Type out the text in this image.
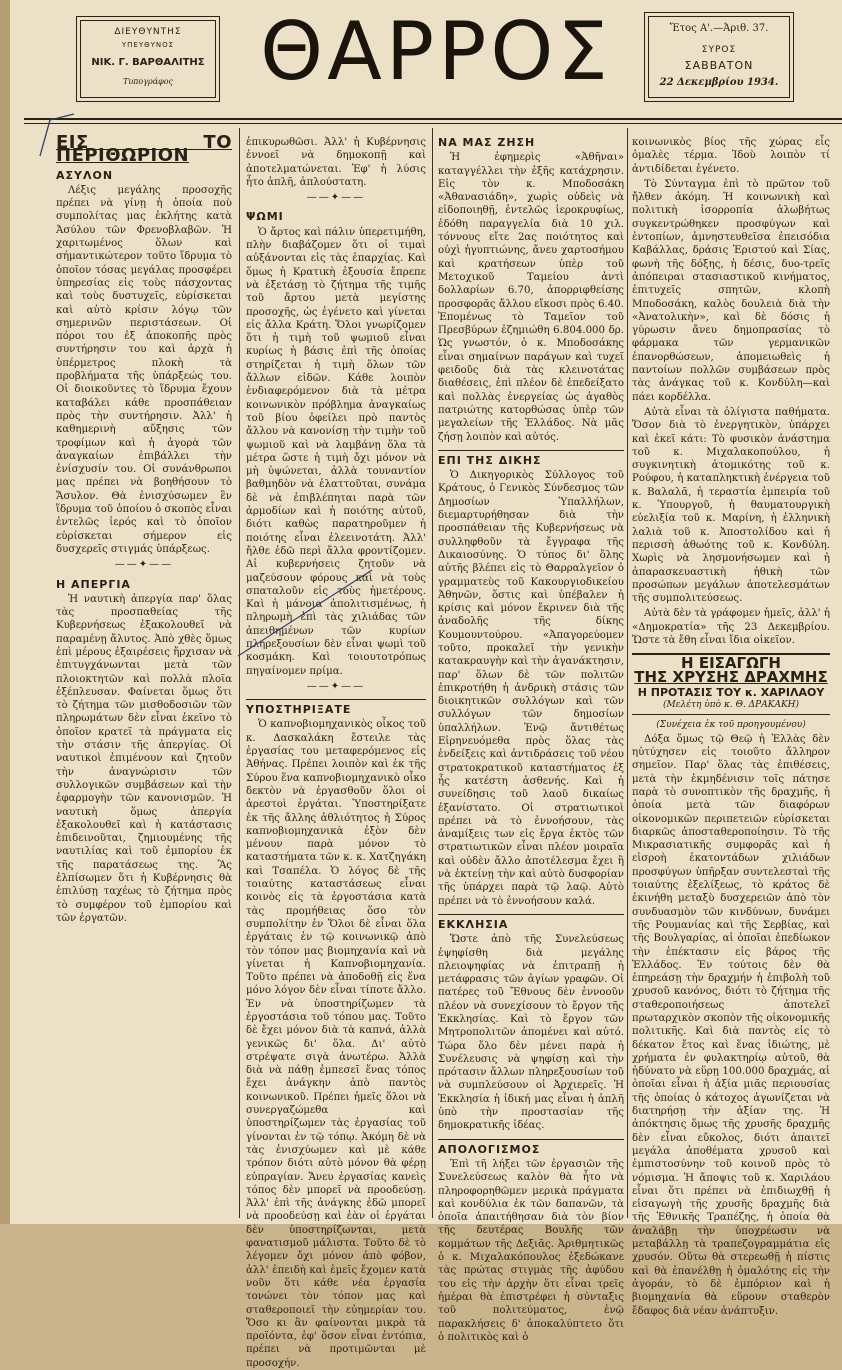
ΔΙΕΥΘΥΝΤΗΣ
ΥΠΕΥΘΥΝΟΣ
ΝΙΚ. Γ. ΒΑΡΘΑΛΙΤΗΣ
Τυπογράφος	ΘΑΡΡΟΣ	Ἔτος Α'.—Ἀριθ. 37.
ΣΥΡΟΣ
ΣΑΒΒΑΤΟΝ
22 Δεκεμβρίου 1934.
ΕΙΣ ΤΟ ΠΕΡΙΘΩΡΙΟΝ
ΑΣΥΛΟΝ

Λέξις μεγάλης προσοχῆς πρέπει νὰ γίνῃ ἡ ὁποία ποὺ συμπολίτας μας ἐκλήτης κατὰ Ἀσύλου τῶν Φρενοβλαβῶν. Ἡ χαριτωμένος ὅλων καὶ σήμαντικώτερον τοῦτο ἵδρυμα τὸ ὁποῖον τόσας μεγάλας προσφέρει ὑπηρεσίας εἰς τοὺς πάσχοντας καὶ τοὺς δυστυχεῖς, εὑρίσκεται καὶ αὐτὸ κρίσιν λόγῳ τῶν σημερινῶν περιστάσεων. Οἱ πόροι του ἐξ ἀποκοπῆς πρὸς συντήρησιν του καὶ ἀρχὰ ἡ ὑπέρμετρος πλοκὴ τὰ προβλήματα τῆς ὑπάρξεώς του. Οἱ διοικοῦντες τὸ ἵδρυμα ἔχουν καταβάλει κάθε προσπάθειαν πρὸς τὴν συντήρησιν. Ἀλλ' ἡ καθημερινὴ αὔξησις τῶν τροφίμων καὶ ἡ ἀγορὰ τῶν ἀναγκαίων ἐπιβάλλει τὴν ἐνίσχυσίν του. Οἱ συνάνθρωποι μας πρέπει νὰ βοηθήσουν τὸ Ἄσυλον. Θὰ ἐνισχύσωμεν ἓν ἵδρυμα τοῦ ὁποίου ὁ σκοπὸς εἶναι ἐντελῶς ἱερός καὶ τὸ ὁποῖον εὑρίσκεται σήμερον εἰς δυσχερεῖς στιγμάς ὑπάρξεως.

——✦——
Η ΑΠΕΡΓΙΑ

Ἡ ναυτικὴ ἀπεργία παρ' ὅλας τὰς προσπαθείας τῆς Κυβερνήσεως ἐξακολουθεῖ νὰ παραμένῃ ἄλυτος. Ἀπὸ χθὲς ὅμως ἐπὶ μέρους ἐξαιρέσεις ἤρχισαν νὰ ἐπιτυγχάνωνται μετὰ τῶν πλοιοκτητῶν καὶ πολλὰ πλοῖα ἐξέπλευσαν. Φαίνεται ὅμως ὅτι τὸ ζήτημα τῶν μισθοδοσιῶν τῶν πληρωμάτων δὲν εἶναι ἐκεῖνο τὸ ὁποῖον κρατεῖ τὰ πράγματα εἰς τὴν στάσιν τῆς ἀπεργίας. Οἱ ναυτικοὶ ἐπιμένουν καὶ ζητοῦν τὴν ἀναγνώρισιν τῶν συλλογικῶν συμβάσεων καὶ τὴν ἐφαρμογὴν τῶν κανονισμῶν. Ἡ ναυτικὴ ὅμως ἀπεργία ἐξακολουθεῖ καὶ ἡ κατάστασις ἐπιδεινοῦται, ζημιουμένης τῆς ναυτιλίας καὶ τοῦ ἐμπορίου ἐκ τῆς παρατάσεως της. Ἂς ἐλπίσωμεν ὅτι ἡ Κυβέρνησις θὰ ἐπιλύσῃ ταχέως τὸ ζήτημα πρὸς τὸ συμφέρον τοῦ ἐμπορίου καὶ τῶν ἐργατῶν.

ἐπικυρωθῶσι. Ἀλλ' ἡ Κυβέρνησις ἐννοεῖ νὰ δημοκοπῇ καὶ ἀποτελματώνεται. Ἐφ' ἡ λύσις ἦτο ἁπλῆ, ἀπλούστατη.

——✦——
ΨΩΜΙ

Ὁ ἄρτος καὶ πάλιν ὑπερετιμήθη, πλὴν διαβάζομεν ὅτι οἱ τιμαὶ αὐξάνονται εἰς τὰς ἐπαρχίας. Καὶ ὅμως ἡ Κρατικὴ ἐξουσία ἔπρεπε νὰ ἐξετάσῃ τὸ ζήτημα τῆς τιμῆς τοῦ ἄρτου μετὰ μεγίστης προσοχῆς, ὡς ἐγένετο καὶ γίνεται εἰς ἄλλα Κράτη. Ὅλοι γνωρίζομεν ὅτι ἡ τιμὴ τοῦ ψωμιοῦ εἶναι κυρίως ἡ βάσις ἐπὶ τῆς ὁποίας στηρίζεται ἡ τιμὴ ὅλων τῶν ἄλλων εἰδῶν. Κάθε λοιπὸν ἐνδιαφερόμενον διὰ τὰ μέτρα κοινωνικὸν πρόβλημα ἀναγκαίως τοῦ βίου ὀφείλει πρὸ παντὸς ἄλλου νὰ κανονίσῃ τὴν τιμὴν τοῦ ψωμιοῦ καὶ νὰ λαμβάνῃ ὅλα τὰ μέτρα ὥστε ἡ τιμὴ ὄχι μόνον νὰ μὴ ὑψώνεται, ἀλλὰ τουναντίον βαθμηδὸν νὰ ἐλαττοῦται, συνάμα δὲ νὰ ἐπιβλέπηται παρὰ τῶν ἀρμοδίων καὶ ἡ ποιότης αὐτοῦ, διότι καθὼς παρατηροῦμεν ἡ ποιότης εἶναι ἐλεεινοτάτη. Ἀλλ' ἤλθε ἐδῶ περὶ ἄλλα φροντίζομεν. Αἱ κυβερνήσεις ζητοῦν νὰ μαζεύσουν φόρους καὶ νὰ τοὺς σπαταλοῦν εἰς τοὺς ἡμετέρους. Καὶ ἡ μάνοια ἀπολιτισμένως, ἡ πληρωμὴ ἐπὶ τὰς χιλιάδας τῶν ἀπειθημένων τῶν κυρίων πληρεξουσίων δὲν εἶναι ψωμὶ τοῦ κοσμάκη. Καὶ τοιουτοτρόπως πηγαίνομεν πρίμα.

——✦——
ΥΠΟΣΤΗΡΙΞΑΤΕ

Ὁ καπνοβιομηχανικὸς οἶκος τοῦ κ. Δασκαλάκη ἔστειλε τὰς ἐργασίας του μεταφερόμενος εἰς Ἀθήνας. Πρέπει λοιπὸν καὶ ἐκ τῆς Σύρου ἕνα καπνοβιομηχανικὸ οἶκο δεκτὸν νὰ ἐργασθοῦν ὅλοι οἱ ἀρεστοὶ ἐργάται. Ὑποστηρίξατε ἐκ τῆς ἄλλης ἀθλιότητος ἡ Σύρος καπνοβιομηχανικὰ ἐξὸν δὲν μένουν παρὰ μόνον τὸ καταστήματα τῶν κ. κ. Χατζηγάκη καὶ Τσαπέλα. Ὁ λόγος δὲ τῆς τοιαύτης καταστάσεως εἶναι κοινὸς εἰς τὰ ἐργοστάσια κατὰ τὰς προμήθειας ὅσο τὸν συμπολίτην ἐν Ὅλοι δὲ εἶναι ὅλα ἐργάταις ἐν τῷ κοινωνικῷ ἀπὸ τὸν τόπον μας βιομηχανία καὶ νὰ γίνεται ἡ Καπνοβιομηχανία. Τοῦτο πρέπει νὰ ἀποδοθῇ εἰς ἕνα μόνο λόγον δὲν εἶναι τίποτε ἄλλο. Ἐν νὰ ὑποστηρίζωμεν τὰ ἐργοστάσια τοῦ τόπου μας. Τοῦτο δὲ ἔχει μόνον διὰ τὰ καπνά, ἀλλὰ γενικῶς δι' ὅλα. Δι' αὐτὸ στρέψατε σιγὰ ἀνωτέρω. Ἀλλὰ διὰ νὰ πάθῃ ἐμπεσεῖ ἕνας τόπος ἔχει ἀνάγκην ἀπὸ παντὸς κοινωνικοῦ. Πρέπει ἡμεῖς ὅλοι νὰ συνεργαζώμεθα καὶ ὑποστηρίζωμεν τὰς ἐργασίας τοῦ γίνονται ἐν τῷ τόπῳ. Ἀκόμη δὲ νὰ τὰς ἐνισχύωμεν καὶ μὲ κάθε τρόπον διότι αὐτὸ μόνον θὰ φέρῃ εὐπραγίαν. Ἄνευ ἐργασίας κανεὶς τόπος δὲν μπορεῖ νὰ προοδεύσῃ. Ἀλλ' ἐπὶ τῆς ἀνάγκης ἐδῶ μπορεῖ νὰ προοδεύσῃ καὶ ἐὰν οἱ ἐργάται δὲν ὑποστηρίζωνται, μετὰ φανατισμοῦ μάλιστα. Τοῦτο δὲ τὸ λέγομεν ὄχι μόνον ἀπὸ φόβον, ἀλλ' ἐπειδὴ καὶ ἐμεῖς ἔχομεν κατὰ νοῦν ὅτι κάθε νέα ἐργασία τονώνει τὸν τόπον μας καὶ σταθεροποιεῖ τὴν εὐημερίαν του. Ὅσο κι ἂν φαίνονται μικρὰ τὰ προϊόντα, ἐφ' ὅσον εἶναι ἐντόπια, πρέπει νὰ προτιμῶνται μὲ προσοχήν.

ΝΑ ΜΑΣ ΖΗΣΗ

Ἡ ἐφημερὶς «Ἀθῆναι» καταγγέλλει τὴν ἑξῆς κατάχρησιν. Εἰς τὸν κ. Μποδοσάκη «Ἀθανασιάδη», χωρὶς οὐδεὶς νὰ εἰδοποιηθῇ, ἐντελῶς ἱεροκρυφίως, ἐδόθη παραγγελία διὰ 10 χιλ. τόννους εἴτε 2ας ποιότητος καὶ οὐχὶ ἠγυπτιώνης, ἄνευ χαρτοσήμου καὶ κρατήσεων ὑπὲρ τοῦ Μετοχικοῦ Ταμείου ἀντὶ δολλαρίων 6.70, ἀπορριφθείσης προσφορᾶς ἄλλου εἴκοσι πρὸς 6.40. Ἐπομένως τὸ Ταμεῖον τοῦ Πρεσβύρων ἐζημιώθη 6.804.000 δρ. Ὡς γνωστόν, ὁ κ. Μποδοσάκης εἶναι σημαίνων παράγων καὶ τυχεῖ φειδοῦς διὰ τὰς κλεινοτάτας διαθέσεις, ἐπὶ πλέον δὲ ἐπεδείξατο καὶ πολλὰς ἐνεργείας ὡς ἀγαθὸς πατριώτης κατορθώσας ὑπὲρ τῶν μεγαλείων τῆς Ἑλλάδος. Νὰ μᾶς ζήσῃ λοιπὸν καὶ αὐτός.

ΕΠΙ ΤΗΣ ΔΙΚΗΣ

Ὁ Δικηγορικὸς Σύλλογος τοῦ Κράτους, ὁ Γενικὸς Σύνδεσμος τῶν Δημοσίων Ὑπαλλήλων, διεμαρτυρήθησαν διὰ τὴν προσπάθειαν τῆς Κυβερνήσεως νὰ συλληφθοῦν τὰ ἔγγραφα τῆς Δικαιοσύνης. Ὁ τύπος δι' ὅλης αὐτῆς βλέπει εἰς τὸ Θαρραλγεῖον ὁ γραμματεὺς τοῦ Κακουργιοδικείου Ἀθηνῶν, ὅστις καὶ ὑπέβαλεν ἡ κρίσις καὶ μόνον ἔκρινεν διὰ τῆς ἀναδολῆς τῆς δίκης Κουμουντούρου. «Ἀπαγορεύομεν τοῦτο, προκαλεῖ τὴν γενικὴν κατακραυγὴν καὶ τὴν ἀγανάκτησιν, παρ' ὅλων δὲ τῶν πολιτῶν ἐπικροτήθη ἡ ἀνδρικὴ στάσις τῶν διοικητικῶν συλλόγων καὶ τῶν συλλόγων τῶν δημοσίων ὑπαλλήλων. Ἐνῷ ἄντιθέτως Εἰρηνευόμεθα πρὸς ὅλας τὰς ἐνδείξεις καὶ ἀντιδράσεις τοῦ νέου στρατοκρατικοῦ καταστήματος ἐξ ἧς κατέστη ἀσθενής. Καὶ ἡ συνείδησις τοῦ λαοῦ δικαίως ἐξανίστατο. Οἱ στρατιωτικοὶ πρέπει νὰ τὸ ἐννοήσουν, τὰς ἀναμίξεις των εἰς ἔργα ἐκτὸς τῶν στρατιωτικῶν εἶναι πλέον μοιραῖα καὶ οὐδὲν ἄλλο ἀποτέλεσμα ἔχει ἢ νὰ ἐκτείνῃ τὴν καὶ αὐτὸ δυσφορίαν τῆς ὑπάρχει παρὰ τῷ λαῷ. Αὐτὸ πρέπει νὰ τὸ ἐννοήσουν καλά.

ΕΚΚΛΗΣΙΑ

Ὥστε ἀπὸ τῆς Συνελεύσεως ἐψηφίσθη διὰ μεγάλης πλειοψηφίας νὰ ἐπιτραπῇ ἡ μετάφρασις τῶν ἁγίων γραφῶν. Οἱ πατέρες τοῦ Ἔθνους δὲν ἐννοοῦν πλέον νὰ συνεχίσουν τὸ ἔργον τῆς Ἐκκλησίας. Καὶ τὸ ἔργον τῶν Μητροπολιτῶν ἀπομένει καὶ αὐτό. Τώρα ὅλο δὲν μένει παρὰ ἡ Συνέλευσις νὰ ψηφίσῃ καὶ τὴν πρότασιν ἄλλων πληρεξουσίων τοῦ νὰ συμπλεύσουν οἱ Ἀρχιερεῖς. Ἡ Ἐκκλησία ἡ ἰδική μας εἶναι ἡ ἀπλῆ ὑπὸ τὴν προστασίαν τῆς δημοκρατικῆς ἰδέας.

ΑΠΟΛΟΓΙΣΜΟΣ

Ἐπὶ τῆ λήξει τῶν ἐργασιῶν τῆς Συνελεύσεως καλὸν θὰ ἦτο νὰ πληροφορηθῶμεν μερικὰ πράγματα καὶ κονδύλια ἐκ τῶν δαπανῶν, τὰ ὁποῖα ἀπαιτήθησαν διὰ τὸν βίον τῆς δευτέρας Βουλῆς τῶν κομμάτων τῆς Δεξιᾶς. Ἀριθμητικῶς ὁ κ. Μιχαλακόπουλος ἐξεδώκανε τὰς πρώτας στιγμὰς τῆς ἀφύδου του εἰς τὴν ἀρχὴν ὅτι εἶναι τρεῖς ἡμέραι θὰ ἐπιστρέφει ἡ σύνταξις τοῦ πολιτεύματος, ἐνῷ παρακλήσεις δ' ἀποκαλύπτετο ὅτι ὁ πολιτικὸς καὶ ὁ

κοινωνικὸς βίος τῆς χώρας εἶς ὁμαλὲς τέρμα. Ἰδοὺ λοιπὸν τί ἀντιδίδεται ἐγένετο.

Τὸ Σύνταγμα ἐπὶ τὸ πρῶτον τοῦ ἤλθεν ἀκόμη. Ἡ κοινωνικὴ καὶ πολιτικὴ ἰσορροπία ἀλωβήτως συγκεντρώθηκεν προσφύγων καὶ ἐντοπίων, ἀμνηστευθεῖσα ἐπεισόδια Καβάλλας, δράσις Ἐριστού καὶ Σίας, φωνὴ τῆς δόξης, ἡ δέσις, δυο-τρεῖς ἀπόπειραι στασιαστικοῦ κινήματος, ἐπιτυχεῖς σπητῶν, κλοπὴ Μποδοσάκη, καλὸς δουλειὰ διὰ τὴν «Ἀνατολικὴν», καὶ δὲ δόσις ἡ γύρωσιν ἄνευ δημοπρασίας τὸ φάρμακα τῶν γερμανικῶν ἐπανορθώσεων, ἀπομειωθεὶς ἡ παντοίων πολλῶν συμβάσεων πρὸς τὰς ἀνάγκας τοῦ κ. Κονδύλη—καὶ πάει κορδέλλα.

Αὐτὰ εἶναι τὰ ὀλίγιστα παθήματα. Ὅσον διὰ τὸ ἐνεργητικὸν, ὑπάρχει καὶ ἐκεῖ κάτι: Τὸ φυσικὸν ἀνάστημα τοῦ κ. Μιχαλακοπούλου, ἡ συγκινητικὴ ἀτομικότης τοῦ κ. Ρούφου, ἡ καταπληκτικὴ ἐνέργεια τοῦ κ. Βαλαλᾶ, ἡ τεραστία ἐμπειρία τοῦ κ. Ὑπουργοῦ, ἡ θαυματουργικὴ εὐελιξία τοῦ κ. Μαρίνη, ἡ ἑλληνικὴ λαλιὰ τοῦ κ. Ἀποστολίδου καὶ ἡ περισσὴ ἀθωότης τοῦ κ. Κονδύλη. Χωρὶς νὰ λησμονήσωμεν καὶ ἡ ἀπαρασκευαστικὴ ἠθικὴ τῶν προσώπων μεγάλων ἀποτελεσμάτων τῆς συμπολιτεύσεως.

Αὐτὰ δὲν τὰ γράφομεν ἡμεῖς, ἀλλ' ἡ «Δημοκρατία» τῆς 23 Δεκεμβρίου. Ὥστε τὰ ἔθη εἶναι ἴδια οἰκεῖον.

Η ΕΙΣΑΓΩΓΗ
ΤΗΣ ΧΡΥΣΗΣ ΔΡΑΧΜΗΣ
Η ΠΡΟΤΑΣΙΣ ΤΟΥ κ. ΧΑΡΙΛΑΟΥ
(Μελέτη ὑπὸ κ. Θ. ΔΡΑΚΑΚΗ)
(Συνέχεια ἐκ τοῦ προηγουμένου)

Δόξα ὅμως τῷ Θεῷ ἡ Ἑλλὰς δὲν ηὐτύχησεν εἰς τοιοῦτο ἄλληρον σημεῖον. Παρ' ὅλας τὰς ἐπιθέσεις, μετὰ τὴν ἐκμηδένισιν τοῖς πάτησε παρὰ τὸ συνοπτικὸν τῆς δραχμῆς, ἡ ὁποία μετὰ τῶν διαφόρων οἰκονομικῶν περιπετειῶν εὑρίσκεται διαρκῶς ἀποσταθεροποίησιν. Τὸ τῆς Μικρασιατικῆς συμφορᾶς καὶ ἡ εἰσροὴ ἑκατοντάδων χιλιάδων προσφύγων ὑπῆρξαν συντελεσταὶ τῆς τοιαύτης ἐξελίξεως, τὸ κράτος δὲ ἐκινήθη μεταξὺ δυσχερειῶν ἀπὸ τὸν συνδυασμὸν τῶν κινδύνων, δυνάμει τῆς Ρουμανίας καὶ τῆς Σερβίας, καὶ τῆς Βουλγαρίας, αἱ ὁποῖαι ἐπεδίωκον τὴν ἐπέκτασιν εἰς βάρος τῆς Ἑλλάδος. Ἐν τούτοις δὲν θὰ ἐπηρεάσῃ τὴν δραχμήν ἡ ἐπιβολὴ τοῦ χρυσοῦ κανόνος, διότι τὸ ζήτημα τῆς σταθεροποιήσεως ἀποτελεῖ πρωταρχικὸν σκοπὸν τῆς οἰκονομικῆς πολιτικῆς. Καὶ διὰ παντὸς εἰς τὸ δέκατον ἔτος καὶ ἕνας ἰδιώτης, μὲ χρήματα ἐν φυλακτηρίῳ αὐτοῦ, θὰ ἠδύνατο νὰ εὕρῃ 100.000 δραχμάς, αἱ ὁποῖαι εἶναι ἡ ἀξία μιᾶς περιουσίας τῆς ὁποίας ὁ κάτοχος ἀγωνίζεται νὰ διατηρήσῃ τὴν ἀξίαν της. Ἡ ἀπόκτησις ὅμως τῆς χρυσῆς δραχμῆς δὲν εἶναι εὔκολος, διότι ἀπαιτεῖ μεγάλα ἀποθέματα χρυσοῦ καὶ ἐμπιστοσύνην τοῦ κοινοῦ πρὸς τὸ νόμισμα. Ἡ ἄποψις τοῦ κ. Χαριλάου εἶναι ὅτι πρέπει νὰ ἐπιδιωχθῇ ἡ εἰσαγωγὴ τῆς χρυσῆς δραχμῆς διὰ τῆς Ἐθνικῆς Τραπέζης, ἡ ὁποία θὰ ἀναλάβῃ τὴν ὑποχρέωσιν νὰ μεταβάλλῃ τὰ τραπεζογραμμάτια εἰς χρυσόν. Οὕτω θὰ στερεωθῇ ἡ πίστις καὶ θὰ ἐπανέλθῃ ἡ ὁμαλότης εἰς τὴν ἀγοράν, τὸ δὲ ἐμπόριον καὶ ἡ βιομηχανία θὰ εὕρουν σταθερὸν ἔδαφος διὰ νέαν ἀνάπτυξιν.
